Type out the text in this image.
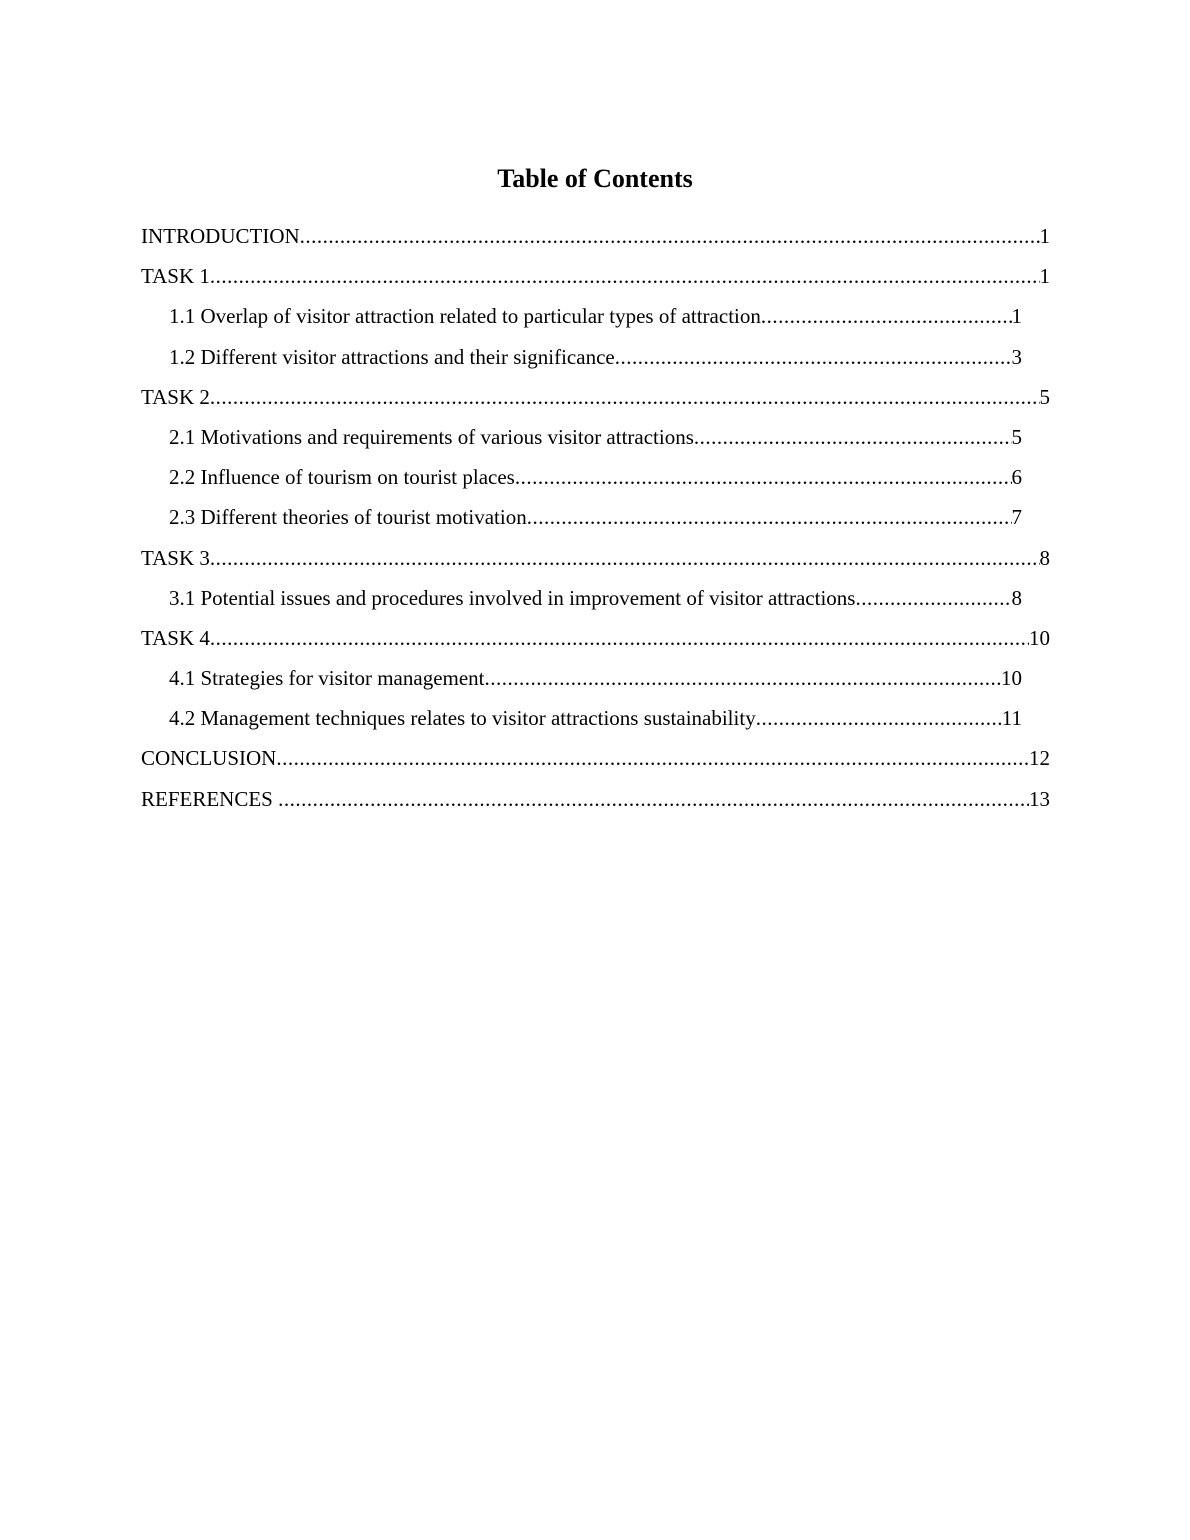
Table of Contents
INTRODUCTION .....	1
TASK 1 .....	1
1.1 Overlap of visitor attraction related to particular types of attraction .....	1
1.2 Different visitor attractions and their significance .....	3
TASK 2 .....	5
2.1 Motivations and requirements of various visitor attractions .....	5
2.2 Influence of tourism on tourist places .....	6
2.3 Different theories of tourist motivation .....	7
TASK 3 .....	8
3.1 Potential issues and procedures involved in improvement of visitor attractions .....	8
TASK 4 .....	10
4.1 Strategies for visitor management .....	10
4.2 Management techniques relates to visitor attractions sustainability .....	11
CONCLUSION .....	12
REFERENCES .....	13
